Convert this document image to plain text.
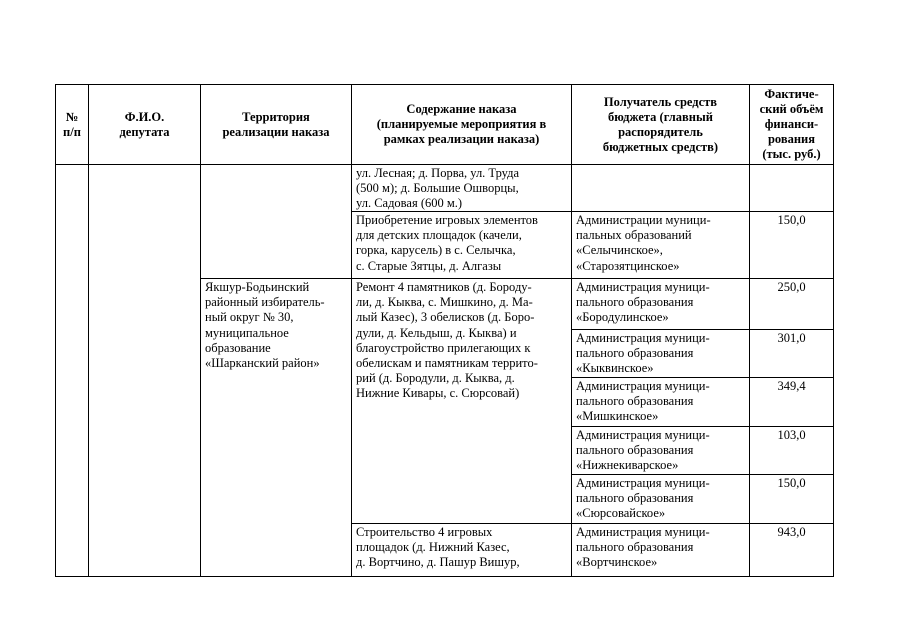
№
п/п
Ф.И.О.
депутата
Территория
реализации наказа
Содержание наказа
(планируемые мероприятия в
рамках реализации наказа)
Получатель средств
бюджета (главный
распорядитель
бюджетных средств)
Фактиче-
ский объём
финанси-
рования
(тыс. руб.)
Якшур-Бодьинский
районный избиратель-
ный округ № 30,
муниципальное
образование
«Шарканский район»
ул. Лесная; д. Порва, ул. Труда
(500 м); д. Большие Ошворцы,
ул. Садовая (600 м.)
Приобретение игровых элементов
для детских площадок (качели,
горка, карусель) в с. Селычка,
с. Старые Зятцы, д. Алгазы
Администрации муници-
пальных образований
«Селычинское»,
«Старозятцинское»
150,0
Ремонт 4 памятников (д. Бороду-
ли, д. Кыква, с. Мишкино, д. Ма-
лый Казес), 3 обелисков (д. Боро-
дули, д. Кельдыш, д. Кыква) и
благоустройство прилегающих к
обелискам и памятникам террито-
рий (д. Бородули, д. Кыква, д.
Нижние Кивары, с. Сюрсовай)
Администрация муници-
пального образования
«Бородулинское»
250,0
Администрация муници-
пального образования
«Кыквинское»
301,0
Администрация муници-
пального образования
«Мишкинское»
349,4
Администрация муници-
пального образования
«Нижнекиварское»
103,0
Администрация муници-
пального образования
«Сюрсовайское»
150,0
Строительство 4 игровых
площадок (д. Нижний Казес,
д. Вортчино, д. Пашур Вишур,
Администрация муници-
пального образования
«Вортчинское»
943,0
